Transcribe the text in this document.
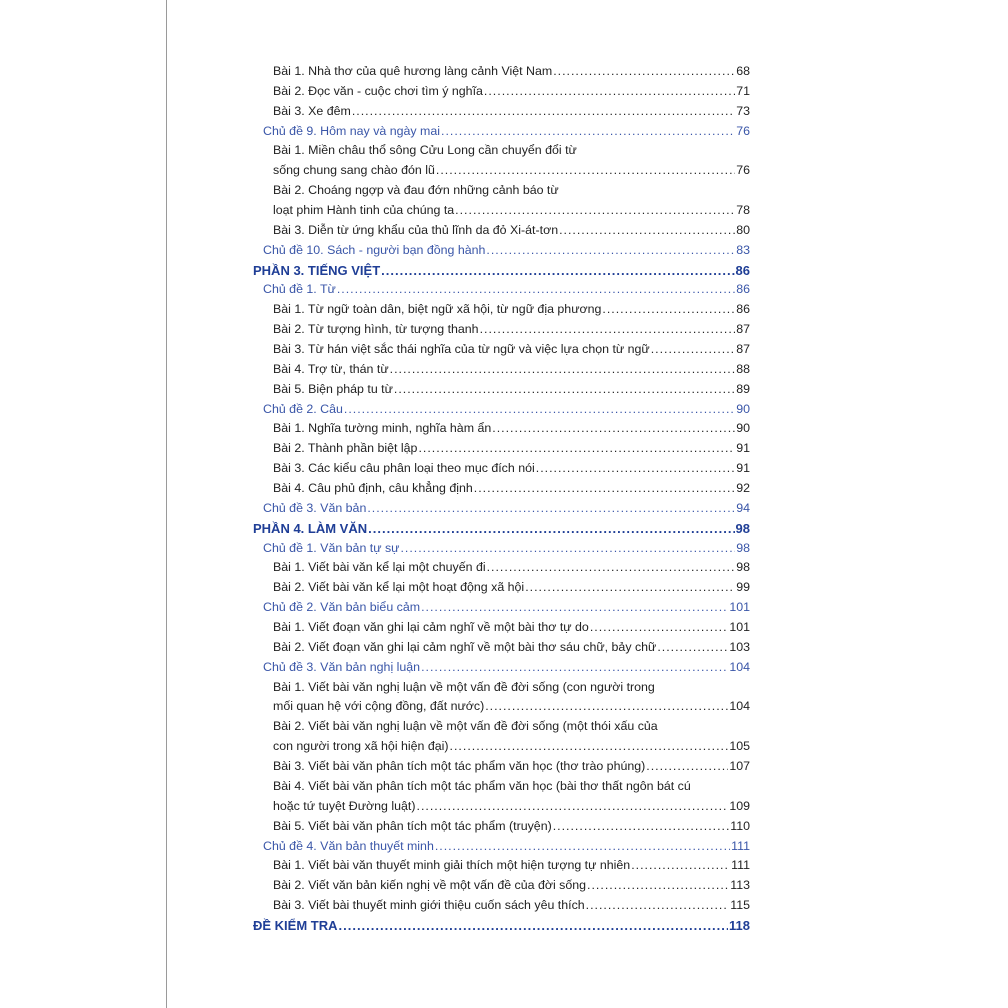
Bài 1. Nhà thơ của quê hương làng cảnh Việt Nam .....	68
Bài 2. Đọc văn - cuộc chơi tìm ý nghĩa .....	71
Bài 3. Xe đêm .....	73
Chủ đề 9. Hôm nay và ngày mai .....	76
Bài 1. Miền châu thổ sông Cửu Long cần chuyển đổi từ
sống chung sang chào đón lũ .....	76
Bài 2. Choáng ngợp và đau đớn những cảnh báo từ
loạt phim Hành tinh của chúng ta .....	78
Bài 3. Diễn từ ứng khẩu của thủ lĩnh da đỏ Xi-át-tơn .....	80
Chủ đề 10. Sách - người bạn đồng hành .....	83
PHẦN 3. TIẾNG VIỆT .....	86
Chủ đề 1. Từ .....	86
Bài 1. Từ ngữ toàn dân, biệt ngữ xã hội, từ ngữ địa phương .....	86
Bài 2. Từ tượng hình, từ tượng thanh .....	87
Bài 3. Từ hán việt sắc thái nghĩa của từ ngữ và việc lựa chọn từ ngữ .....	87
Bài 4. Trợ từ, thán từ .....	88
Bài 5. Biện pháp tu từ .....	89
Chủ đề 2. Câu .....	90
Bài 1. Nghĩa tường minh, nghĩa hàm ẩn .....	90
Bài 2. Thành phần biệt lập .....	91
Bài 3. Các kiểu câu phân loại theo mục đích nói .....	91
Bài 4. Câu phủ định, câu khẳng định .....	92
Chủ đề 3. Văn bản .....	94
PHẦN 4. LÀM VĂN .....	98
Chủ đề 1. Văn bản tự sự .....	98
Bài 1. Viết bài văn kể lại một chuyến đi .....	98
Bài 2. Viết bài văn kể lại một hoạt động xã hội .....	99
Chủ đề 2. Văn bản biểu cảm .....	101
Bài 1. Viết đoạn văn ghi lại cảm nghĩ về một bài thơ tự do .....	101
Bài 2. Viết đoạn văn ghi lại cảm nghĩ về một bài thơ sáu chữ, bảy chữ .....	103
Chủ đề 3. Văn bản nghị luận .....	104
Bài 1. Viết bài văn nghị luận về một vấn đề đời sống (con người trong
mối quan hệ với cộng đồng, đất nước) .....	104
Bài 2. Viết bài văn nghị luận về một vấn đề đời sống (một thói xấu của
con người trong xã hội hiện đại) .....	105
Bài 3. Viết bài văn phân tích một tác phẩm văn học (thơ trào phúng) .....	107
Bài 4. Viết bài văn phân tích một tác phẩm văn học (bài thơ thất ngôn bát cú
hoặc tứ tuyệt Đường luật) .....	109
Bài 5. Viết bài văn phân tích một tác phẩm (truyện) .....	110
Chủ đề 4. Văn bản thuyết minh .....	111
Bài 1. Viết bài văn thuyết minh giải thích một hiện tượng tự nhiên .....	111
Bài 2. Viết văn bản kiến nghị về một vấn đề của đời sống .....	113
Bài 3. Viết bài thuyết minh giới thiệu cuốn sách yêu thích .....	115
ĐỀ KIỂM TRA .....	118
